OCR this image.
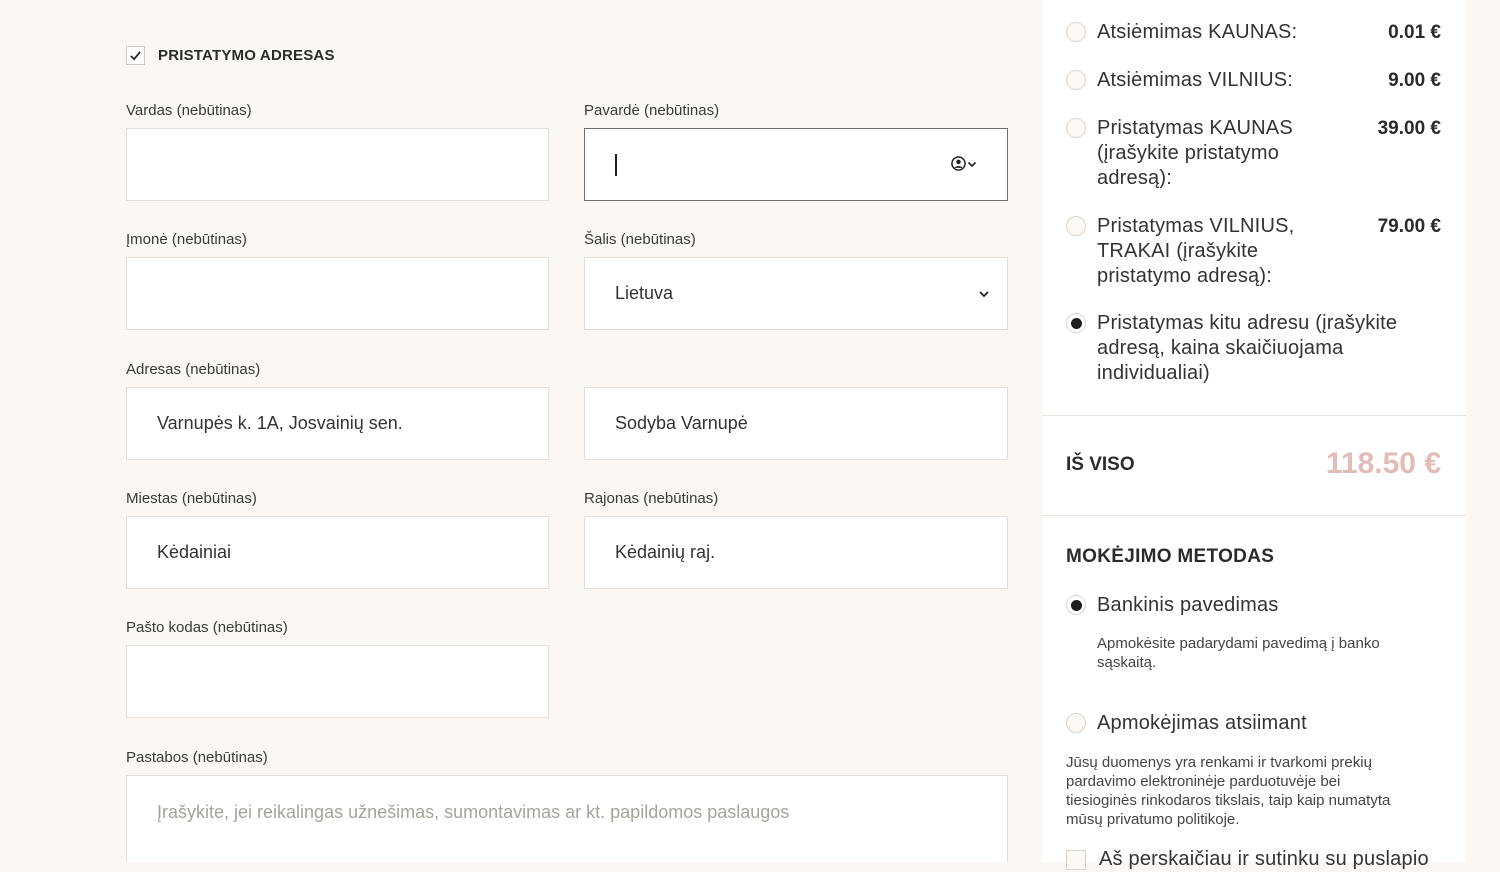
PRISTATYMO ADRESAS
Vardas (nebūtinas)	Pavardė (nebūtinas)
Įmonė (nebūtinas)	Šalis (nebūtinas)
Lietuva
Adresas (nebūtinas)
Varnupės k. 1A, Josvainių sen.	Sodyba Varnupė
Miestas (nebūtinas)
Kėdainiai
Rajonas (nebūtinas)
Kėdainių raj.
Pašto kodas (nebūtinas)
Pastabos (nebūtinas)
Įrašykite, jei reikalingas užnešimas, sumontavimas ar kt. papildomos paslaugos
Atsiėmimas KAUNAS:	0.01 €
Atsiėmimas VILNIUS:	9.00 €
Pristatymas KAUNAS
(įrašykite pristatymo
adresą):
39.00 €
Pristatymas VILNIUS,
TRAKAI (įrašykite
pristatymo adresą):
79.00 €
Pristatymas kitu adresu (įrašykite
adresą, kaina skaičiuojama
individualiai)
IŠ VISO	118.50 €
MOKĖJIMO METODAS
Bankinis pavedimas
Apmokėsite padarydami pavedimą į banko
sąskaitą.
Apmokėjimas atsiimant
Jūsų duomenys yra renkami ir tvarkomi prekių
pardavimo elektroninėje parduotuvėje bei
tiesioginės rinkodaros tikslais, taip kaip numatyta
mūsų privatumo politikoje.
Aš perskaičiau ir sutinku su puslapio
